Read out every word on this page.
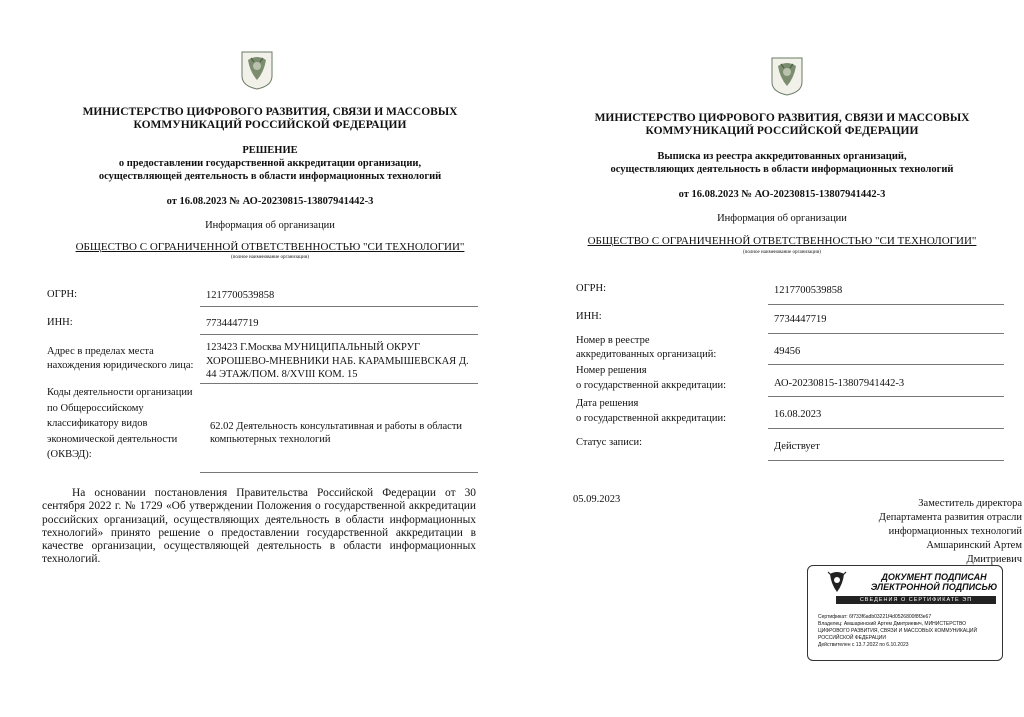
МИНИСТЕРСТВО ЦИФРОВОГО РАЗВИТИЯ, СВЯЗИ И МАССОВЫХ КОММУНИКАЦИЙ РОССИЙСКОЙ ФЕДЕРАЦИИ
РЕШЕНИЕ
о предоставлении государственной аккредитации организации,
осуществляющей деятельность в области информационных технологий
от 16.08.2023 № АО-20230815-13807941442-3
Информация об организации
ОБЩЕСТВО С ОГРАНИЧЕННОЙ ОТВЕТСТВЕННОСТЬЮ "СИ ТЕХНОЛОГИИ"
(полное наименование организации)
ОГРН:	1217700539858
ИНН:	7734447719
Адрес в пределах места нахождения юридического лица:
123423 Г.Москва МУНИЦИПАЛЬНЫЙ ОКРУГ ХОРОШЕВО-МНЕВНИКИ НАБ. КАРАМЫШЕВСКАЯ Д. 44 ЭТАЖ/ПОМ. 8/XVIII КОМ. 15
Коды деятельности организации по Общероссийскому классификатору видов экономической деятельности (ОКВЭД):
62.02 Деятельность консультативная и работы в области компьютерных технологий
На основании постановления Правительства Российской Федерации от 30 сентября 2022 г. № 1729 «Об утверждении Положения о государственной аккредитации российских организаций, осуществляющих деятельность в области информационных технологий» принято решение о предоставлении государственной аккредитации в качестве организации, осуществляющей деятельность в области информационных технологий.
МИНИСТЕРСТВО ЦИФРОВОГО РАЗВИТИЯ, СВЯЗИ И МАССОВЫХ КОММУНИКАЦИЙ РОССИЙСКОЙ ФЕДЕРАЦИИ
Выписка из реестра аккредитованных организаций,
осуществляющих деятельность в области информационных технологий
от 16.08.2023 № АО-20230815-13807941442-3
Информация об организации
ОБЩЕСТВО С ОГРАНИЧЕННОЙ ОТВЕТСТВЕННОСТЬЮ "СИ ТЕХНОЛОГИИ"
(полное наименование организации)
ОГРН:	1217700539858
ИНН:	7734447719
Номер в реестре
аккредитованных организаций:	49456
Номер решения
о государственной аккредитации:	АО-20230815-13807941442-3
Дата решения
о государственной аккредитации:	16.08.2023
Статус записи:	Действует
05.09.2023	Заместитель директора Департамента развития отрасли информационных технологий Амшаринский Артем Дмитриевич
ДОКУМЕНТ ПОДПИСАН
ЭЛЕКТРОННОЙ ПОДПИСЬЮ
СВЕДЕНИЯ О СЕРТИФИКАТЕ ЭП
Сертификат: 6f733f6adb03221f4d0526800f8f3e67
Владелец: Амшаринский Артем Дмитриевич, МИНИСТЕРСТВО ЦИФРОВОГО РАЗВИТИЯ, СВЯЗИ И МАССОВЫХ КОММУНИКАЦИЙ РОССИЙСКОЙ ФЕДЕРАЦИИ
Действителен с 13.7.2022 по 6.10.2023
